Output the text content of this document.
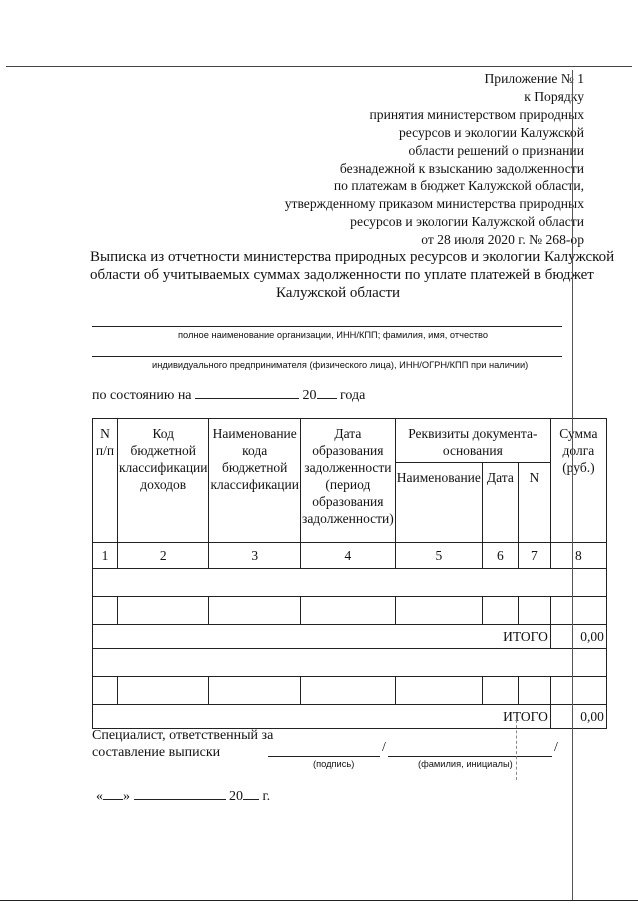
Приложение № 1
к Порядку
принятия министерством природных
ресурсов и экологии Калужской
области решений о признании
безнадежной к взысканию задолженности
по платежам в бюджет Калужской области,
утвержденному приказом министерства природных
ресурсов и экологии Калужской области
от 28 июля 2020 г. № 268-ор
Выписка из отчетности министерства природных ресурсов и экологии Калужской
области об учитываемых суммах задолженности по уплате платежей в бюджет
Калужской области
полное наименование организации, ИНН/КПП; фамилия, имя, отчество
индивидуального предпринимателя (физического лица), ИНН/ОГРН/КПП при наличии)
по состоянию на	20 года
N п/п	Код бюджетной классификации доходов	Наименование кода бюджетной классификации	Дата образования задолженности (период образования задолженности)	Реквизиты документа-основания			Сумма долга (руб.)
				Наименование	Дата	N	
1	2	3	4	5	6	7	8

ИТОГО							0,00

ИТОГО							0,00
Специалист, ответственный за
составление выписки	/	/
(подпись)	(фамилия, инициалы)
« »	20 г.
